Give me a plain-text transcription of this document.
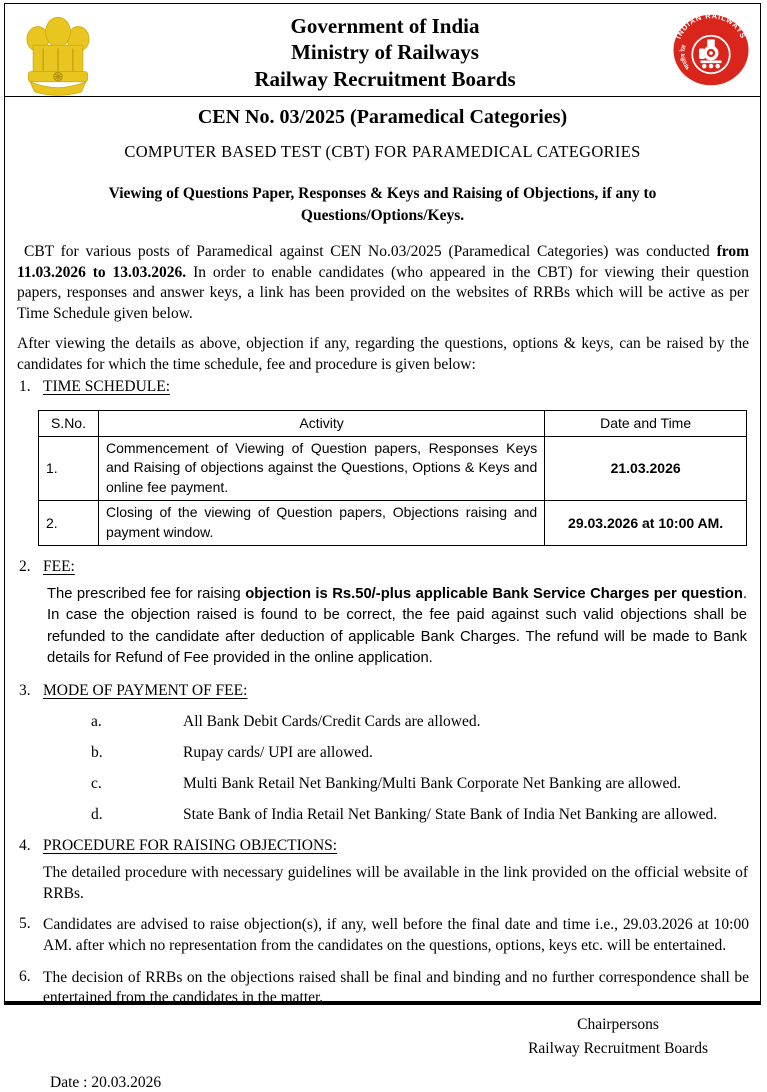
Government of India
Ministry of Railways
Railway Recruitment Boards
INDIAN RAILWAYS
भारतीय रेल
CEN No. 03/2025 (Paramedical Categories)
COMPUTER BASED TEST (CBT) FOR PARAMEDICAL CATEGORIES
Viewing of Questions Paper, Responses & Keys and Raising of Objections, if any to Questions/Options/Keys.
CBT for various posts of Paramedical against CEN No.03/2025 (Paramedical Categories) was conducted from 11.03.2026 to 13.03.2026. In order to enable candidates (who appeared in the CBT) for viewing their question papers, responses and answer keys, a link has been provided on the websites of RRBs which will be active as per Time Schedule given below.
After viewing the details as above, objection if any, regarding the questions, options & keys, can be raised by the candidates for which the time schedule, fee and procedure is given below:
1. TIME SCHEDULE:
S.No.	Activity	Date and Time
1.	Commencement of Viewing of Question papers, Responses Keys and Raising of objections against the Questions, Options & Keys and online fee payment.	21.03.2026
2.	Closing of the viewing of Question papers, Objections raising and payment window.	29.03.2026 at 10:00 AM.
2. FEE:
The prescribed fee for raising objection is Rs.50/-plus applicable Bank Service Charges per question. In case the objection raised is found to be correct, the fee paid against such valid objections shall be refunded to the candidate after deduction of applicable Bank Charges. The refund will be made to Bank details for Refund of Fee provided in the online application.
3. MODE OF PAYMENT OF FEE:
a.	All Bank Debit Cards/Credit Cards are allowed.
b.	Rupay cards/ UPI are allowed.
c.	Multi Bank Retail Net Banking/Multi Bank Corporate Net Banking are allowed.
d.	State Bank of India Retail Net Banking/ State Bank of India Net Banking are allowed.
4. PROCEDURE FOR RAISING OBJECTIONS:
The detailed procedure with necessary guidelines will be available in the link provided on the official website of RRBs.
5. Candidates are advised to raise objection(s), if any, well before the final date and time i.e., 29.03.2026 at 10:00 AM. after which no representation from the candidates on the questions, options, keys etc. will be entertained.
6. The decision of RRBs on the objections raised shall be final and binding and no further correspondence shall be entertained from the candidates in the matter.
Chairpersons
Railway Recruitment Boards
Date : 20.03.2026
